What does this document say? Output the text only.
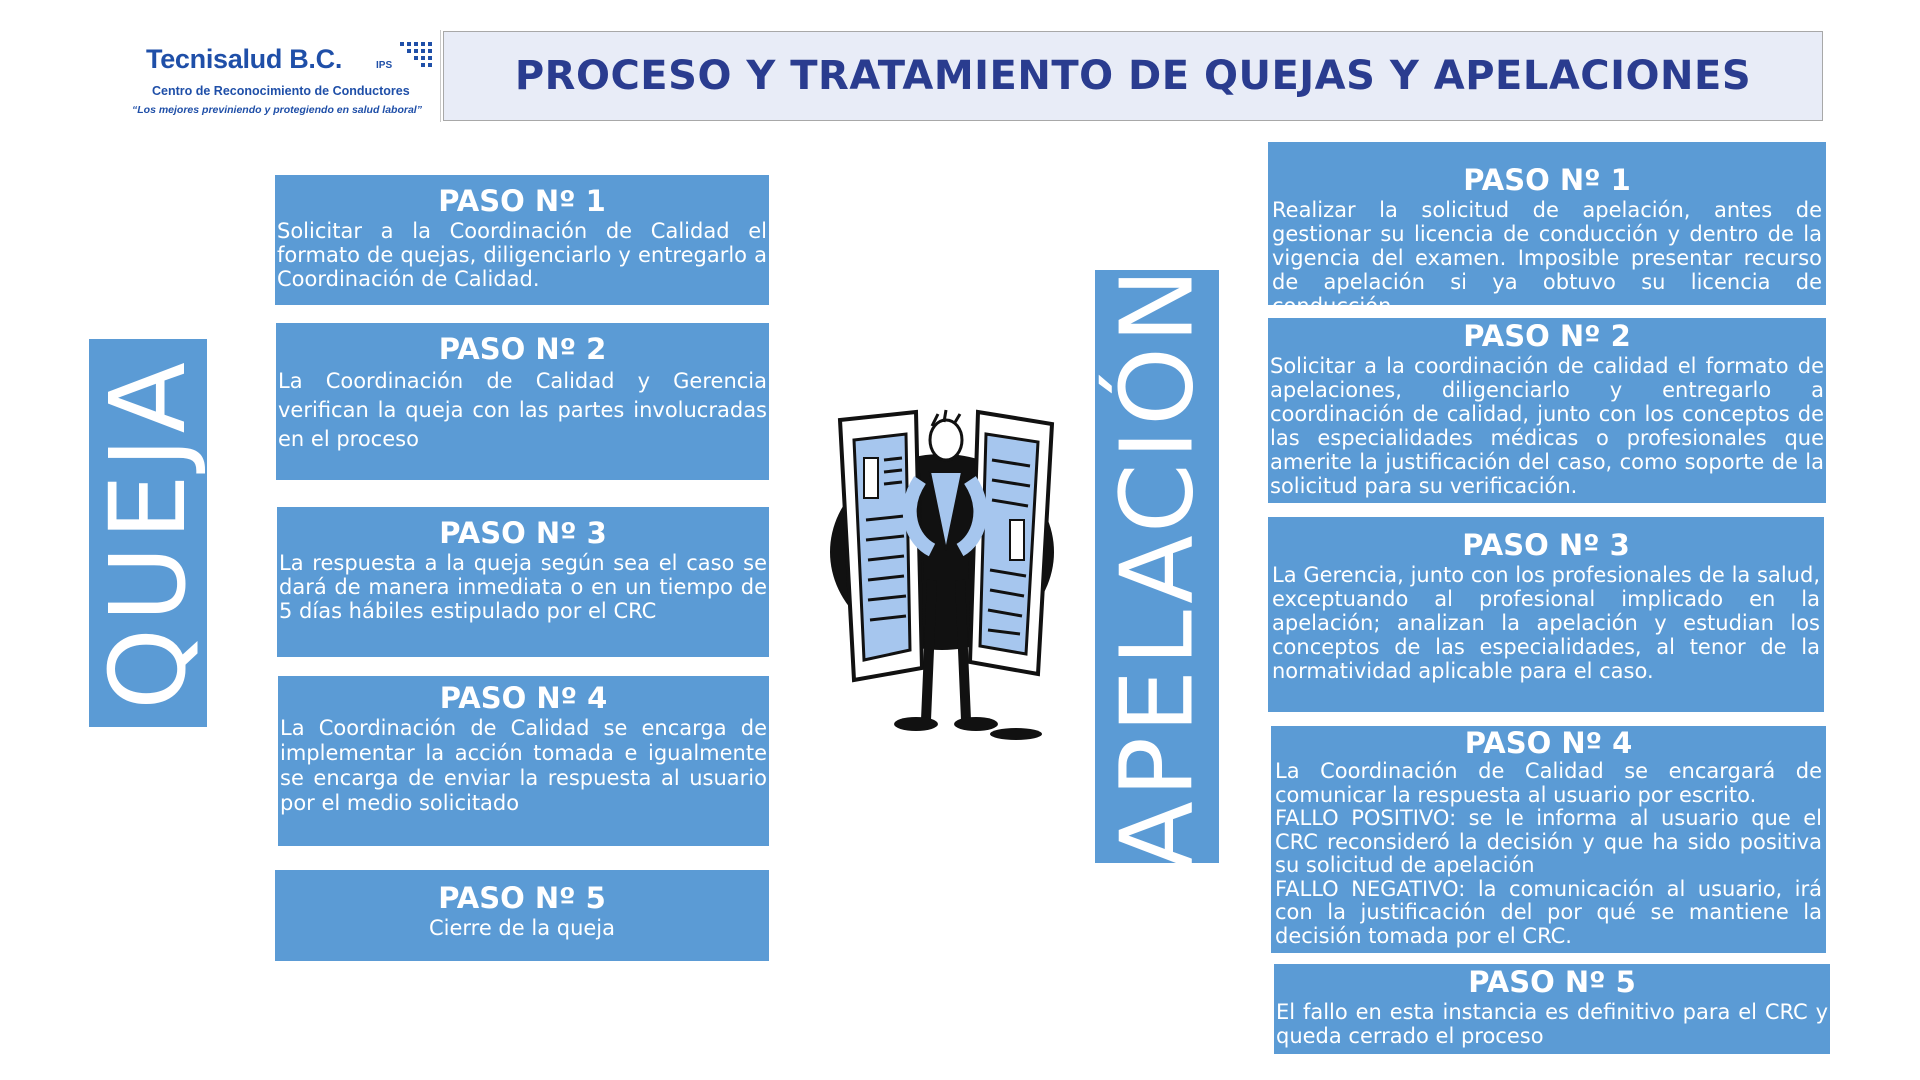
Tecnisalud B.C.	IPS
Centro de Reconocimiento de Conductores
“Los mejores previniendo y protegiendo en salud laboral”
PROCESO Y TRATAMIENTO DE QUEJAS Y APELACIONES
QUEJA	APELACIÓN
PASO Nº 1
Solicitar a la Coordinación de Calidad el formato de quejas, diligenciarlo y entregarlo a Coordinación de Calidad.
PASO Nº 2
La Coordinación de Calidad y Gerencia verifican la queja con las partes involucradas en el proceso
PASO Nº 3
La respuesta a la queja según sea el caso se dará de manera inmediata o en un tiempo de 5 días hábiles estipulado por el CRC
PASO Nº 4
La Coordinación de Calidad se encarga de implementar la acción tomada e igualmente se encarga de enviar la respuesta al usuario por el medio solicitado
PASO Nº 5
Cierre de la queja
PASO Nº 1
Realizar la solicitud de apelación, antes de gestionar su licencia de conducción y dentro de la vigencia del examen. Imposible presentar recurso de apelación si ya obtuvo su licencia de conducción.
PASO Nº 2
Solicitar a la coordinación de calidad el formato de apelaciones, diligenciarlo y entregarlo a coordinación de calidad, junto con los conceptos de las especialidades médicas o profesionales que amerite la justificación del caso, como soporte de la solicitud para su verificación.
PASO Nº 3
La Gerencia, junto con los profesionales de la salud, exceptuando al profesional implicado en la apelación; analizan la apelación y estudian los conceptos de las especialidades, al tenor de la normatividad aplicable para el caso.
PASO Nº 4
La Coordinación de Calidad se encargará de comunicar la respuesta al usuario por escrito.
FALLO POSITIVO: se le informa al usuario que el CRC reconsideró la decisión y que ha sido positiva su solicitud de apelación
FALLO NEGATIVO: la comunicación al usuario, irá con la justificación del por qué se mantiene la decisión tomada por el CRC.
PASO Nº 5
El fallo en esta instancia es definitivo para el CRC y queda cerrado el proceso
